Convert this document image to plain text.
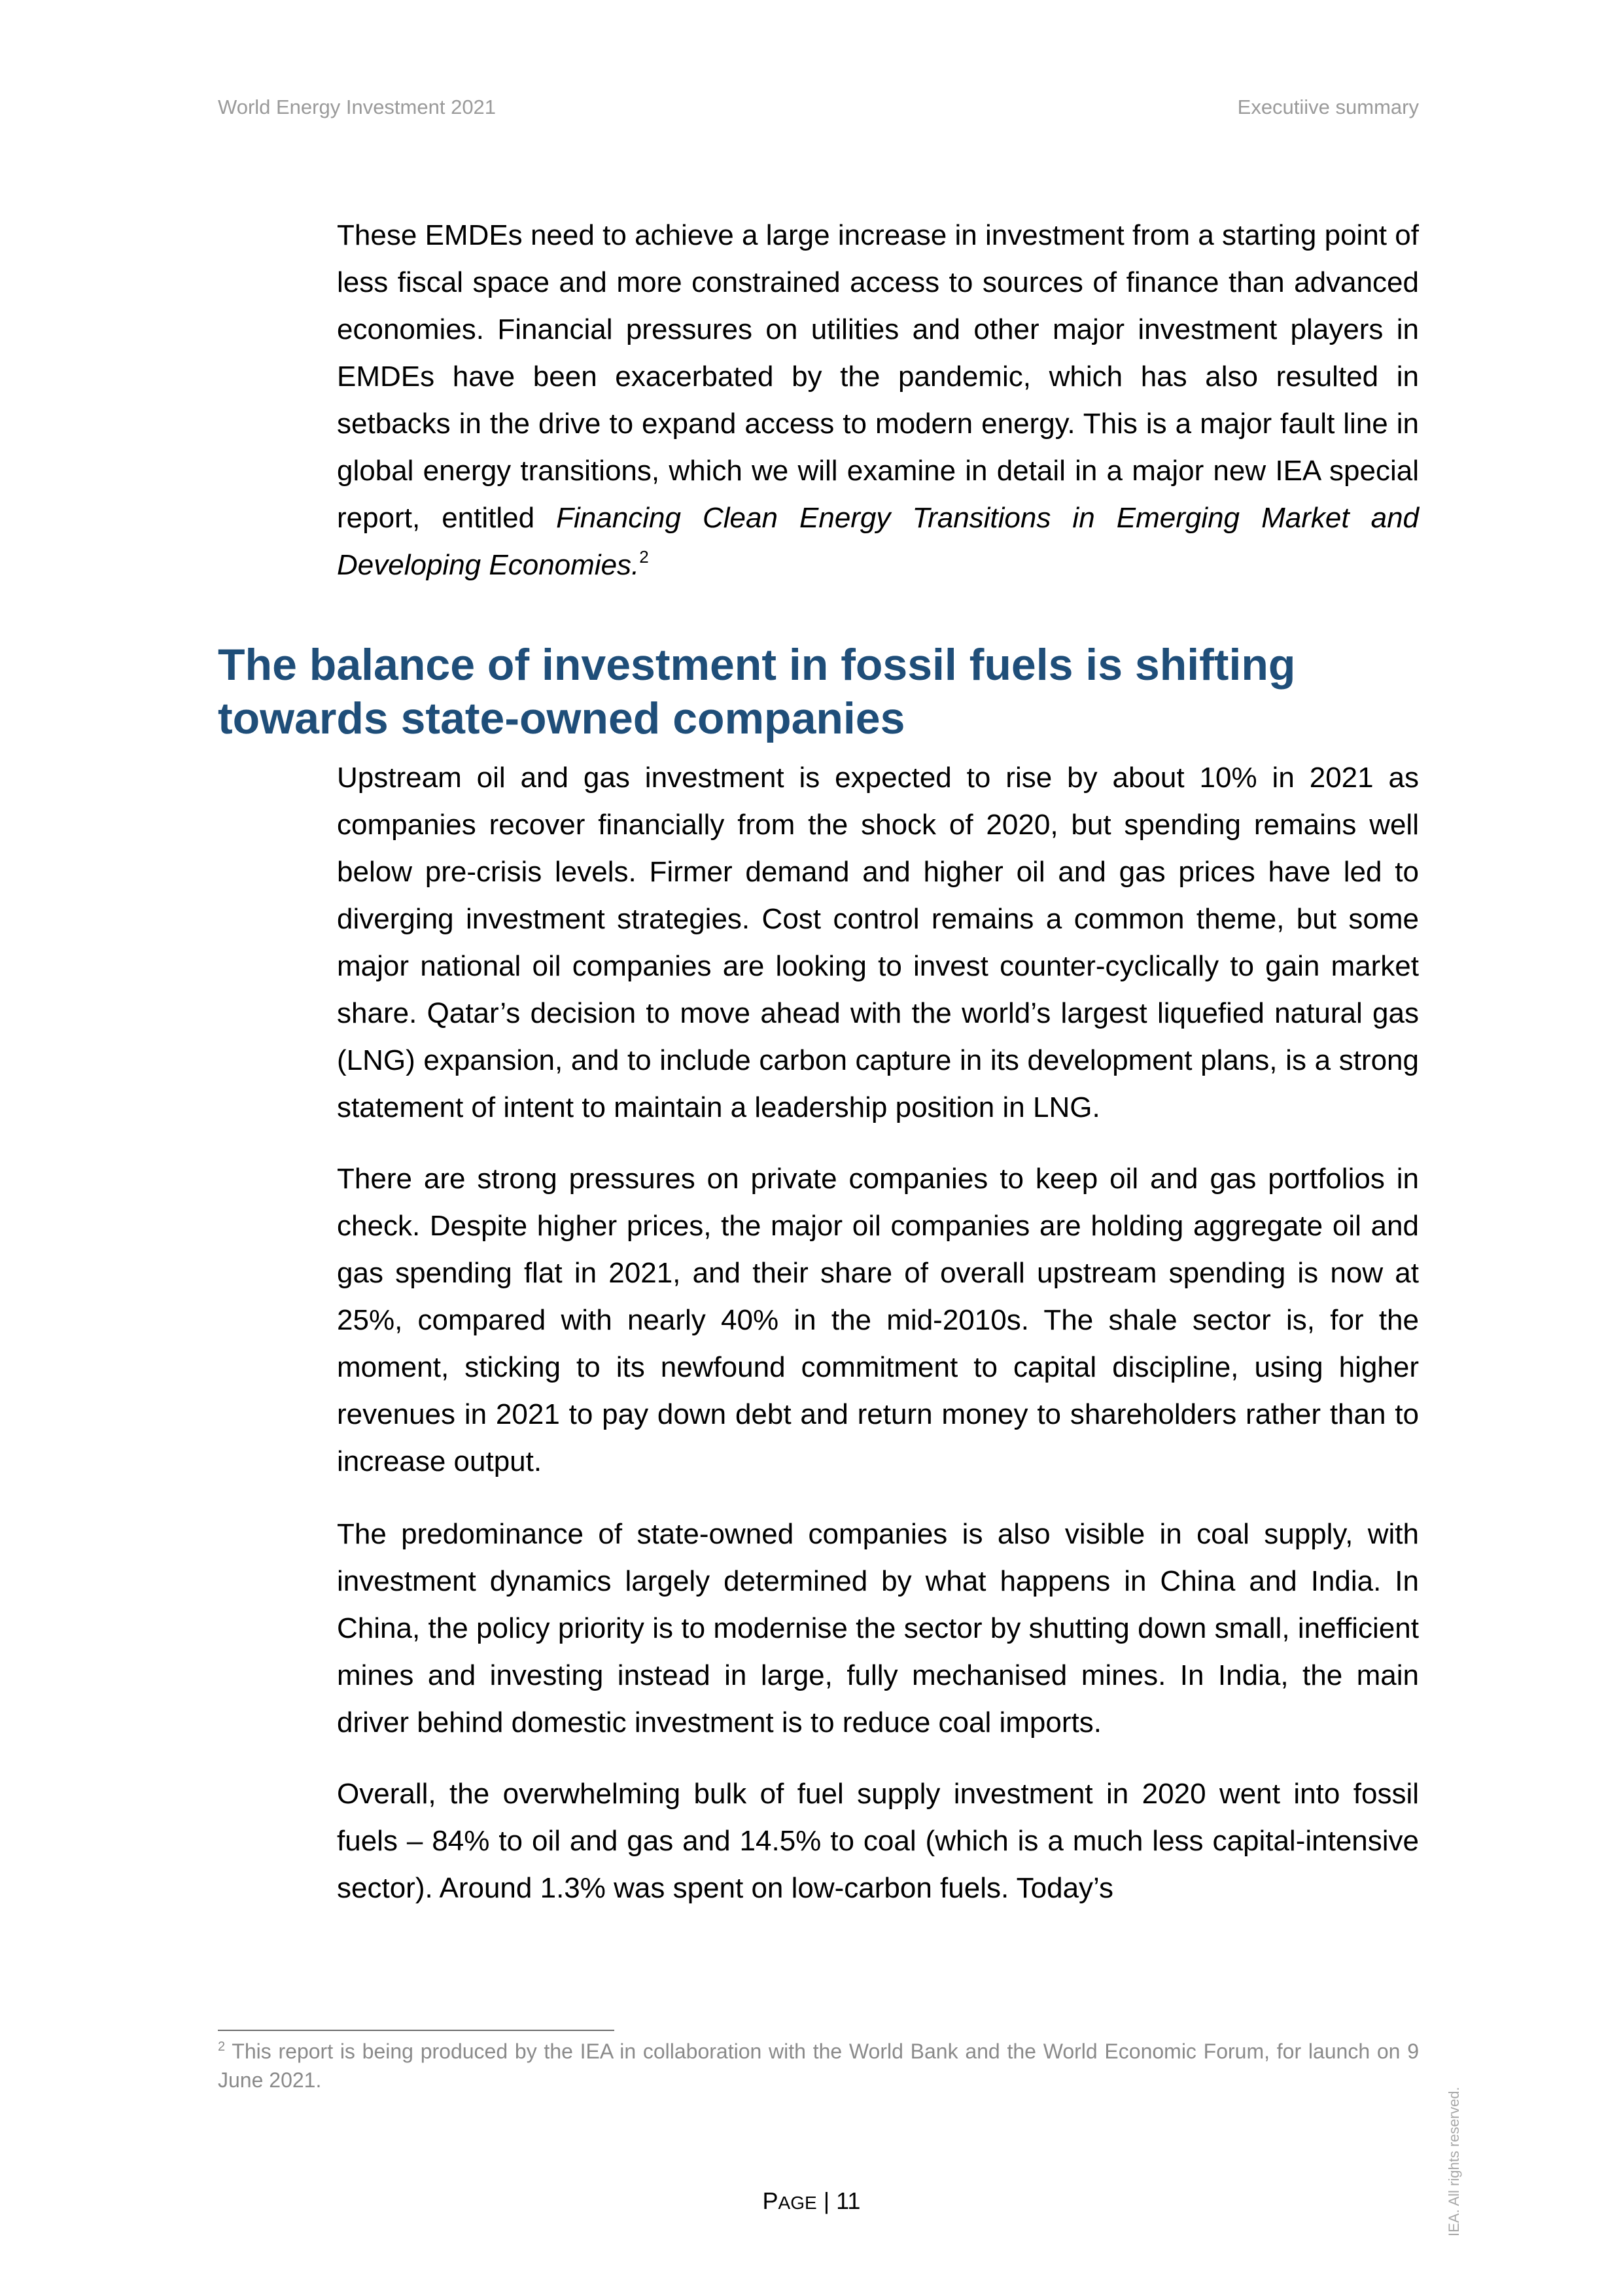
World Energy Investment 2021	Executiive summary

These EMDEs need to achieve a large increase in investment from a starting point of less fiscal space and more constrained access to sources of finance than advanced economies. Financial pressures on utilities and other major investment players in EMDEs have been exacerbated by the pandemic, which has also resulted in setbacks in the drive to expand access to modern energy. This is a major fault line in global energy transitions, which we will examine in detail in a major new IEA special report, entitled Financing Clean Energy Transitions in Emerging Market and Developing Economies.$^2$

The balance of investment in fossil fuels is shifting
towards state-owned companies

Upstream oil and gas investment is expected to rise by about 10% in 2021 as companies recover financially from the shock of 2020, but spending remains well below pre-crisis levels. Firmer demand and higher oil and gas prices have led to diverging investment strategies. Cost control remains a common theme, but some major national oil companies are looking to invest counter-cyclically to gain market share. Qatar’s decision to move ahead with the world’s largest liquefied natural gas (LNG) expansion, and to include carbon capture in its development plans, is a strong statement of intent to maintain a leadership position in LNG.

There are strong pressures on private companies to keep oil and gas portfolios in check. Despite higher prices, the major oil companies are holding aggregate oil and gas spending flat in 2021, and their share of overall upstream spending is now at 25%, compared with nearly 40% in the mid-2010s. The shale sector is, for the moment, sticking to its newfound commitment to capital discipline, using higher revenues in 2021 to pay down debt and return money to shareholders rather than to increase output.

The predominance of state-owned companies is also visible in coal supply, with investment dynamics largely determined by what happens in China and India. In China, the policy priority is to modernise the sector by shutting down small, inefficient mines and investing instead in large, fully mechanised mines. In India, the main driver behind domestic investment is to reduce coal imports.

Overall, the overwhelming bulk of fuel supply investment in 2020 went into fossil fuels – 84% to oil and gas and 14.5% to coal (which is a much less capital-intensive sector). Around 1.3% was spent on low-carbon fuels. Today’s

$^2$ This report is being produced by the IEA in collaboration with the World Bank and the World Economic Forum, for launch on 9 June 2021.

PAGE | 11	IEA. All rights reserved.
